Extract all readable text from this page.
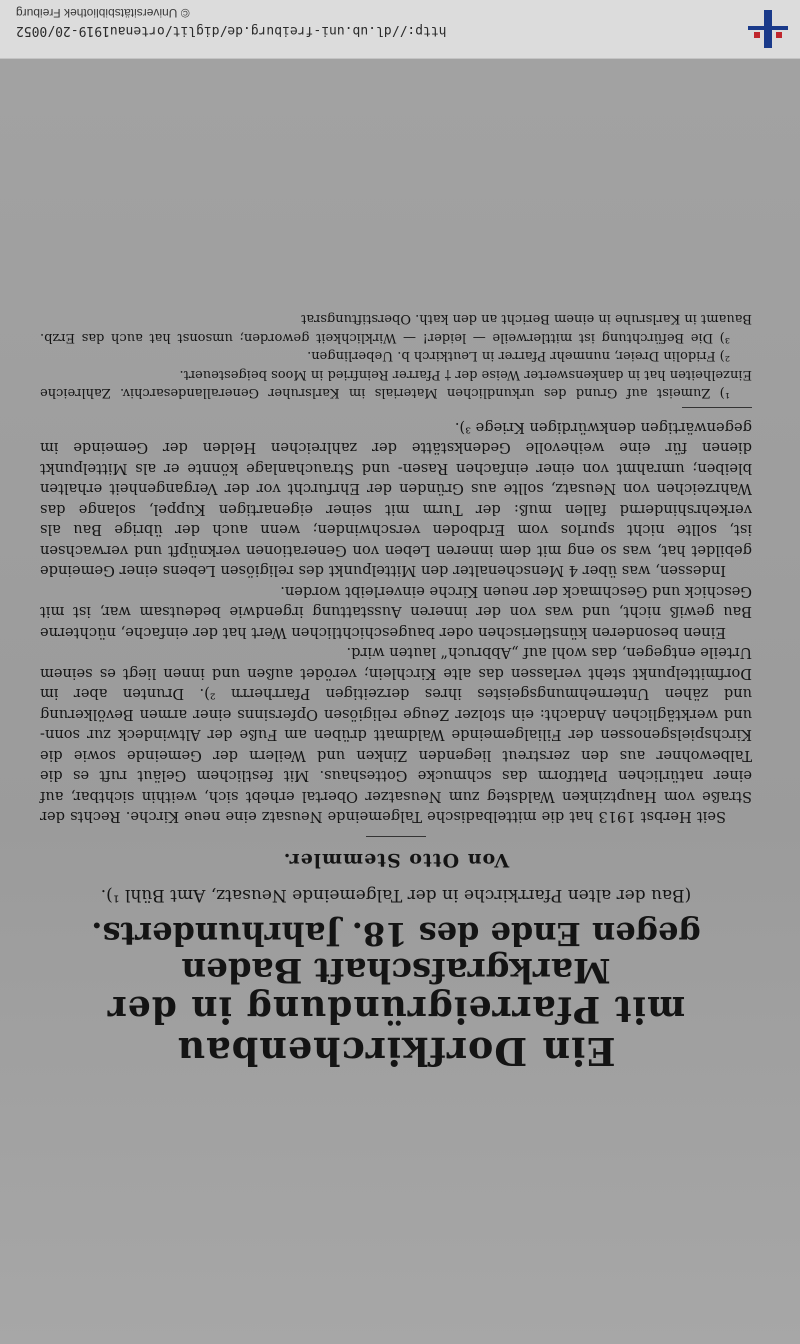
Ein Dorfkirchenbau
mit Pfarreigründung in der
Markgrafschaft Baden
gegen Ende des 18. Jahrhunderts.
(Bau der alten Pfarrkirche in der Talgemeinde Neusatz, Amt Bühl ¹).
Von Otto Stemmler.

Seit Herbst 1913 hat die mittelbadische Talgemeinde Neusatz eine neue Kirche. Rechts der Straße vom Hauptzinken Waldsteg zum Neusatzer Obertal erhebt sich, weithin sichtbar, auf einer natürlichen Plattform das schmucke Gotteshaus. Mit festlichem Geläut ruft es die Talbewohner aus den zerstreut liegenden Zinken und Weilern der Gemeinde sowie die Kirchspielsgenossen der Filialgemeinde Waldmatt drüben am Fuße der Altwindeck zur sonn- und werktäglichen Andacht: ein stolzer Zeuge religiösen Opfersinns einer armen Bevölkerung und zähen Unternehmungsgeistes ihres derzeitigen Pfarrherrn ²). Drunten aber im Dorfmittelpunkt steht verlassen das alte Kirchlein; verödet außen und innen liegt es seinem Urteile entgegen, das wohl auf „Abbruch“ lauten wird.

Einen besonderen künstlerischen oder baugeschichtlichen Wert hat der einfache, nüchterne Bau gewiß nicht, und was von der inneren Ausstattung irgendwie bedeutsam war, ist mit Geschick und Geschmack der neuen Kirche einverleibt worden.

Indessen, was über 4 Menschenalter den Mittelpunkt des religiösen Lebens einer Gemeinde gebildet hat, was so eng mit dem inneren Leben von Generationen verknüpft und verwachsen ist, sollte nicht spurlos vom Erdboden verschwinden; wenn auch der übrige Bau als verkehrshindernd fallen muß: der Turm mit seiner eigenartigen Kuppel, solange das Wahrzeichen von Neusatz, sollte aus Gründen der Ehrfurcht vor der Vergangenheit erhalten bleiben; umrahmt von einer einfachen Rasen- und Strauchanlage könnte er als Mittelpunkt dienen für eine weihevolle Gedenkstätte der zahlreichen Helden der Gemeinde im gegenwärtigen denkwürdigen Kriege ³).

¹) Zumeist auf Grund des urkundlichen Materials im Karlsruher Generallandesarchiv. Zahlreiche Einzelheiten hat in dankenswerter Weise der † Pfarrer Reinfried in Moos beigesteuert.

²) Fridolin Dreier, nunmehr Pfarrer in Leutkirch b. Ueberlingen.

³) Die Befürchtung ist mittlerweile — leider! — Wirklichkeit geworden; umsonst hat auch das Erzb. Bauamt in Karlsruhe in einem Bericht an den kath. Oberstiftungsrat

http://dl.ub.uni-freiburg.de/diglit/ortenau1919-20/0052
© Universitätsbibliothek Freiburg
